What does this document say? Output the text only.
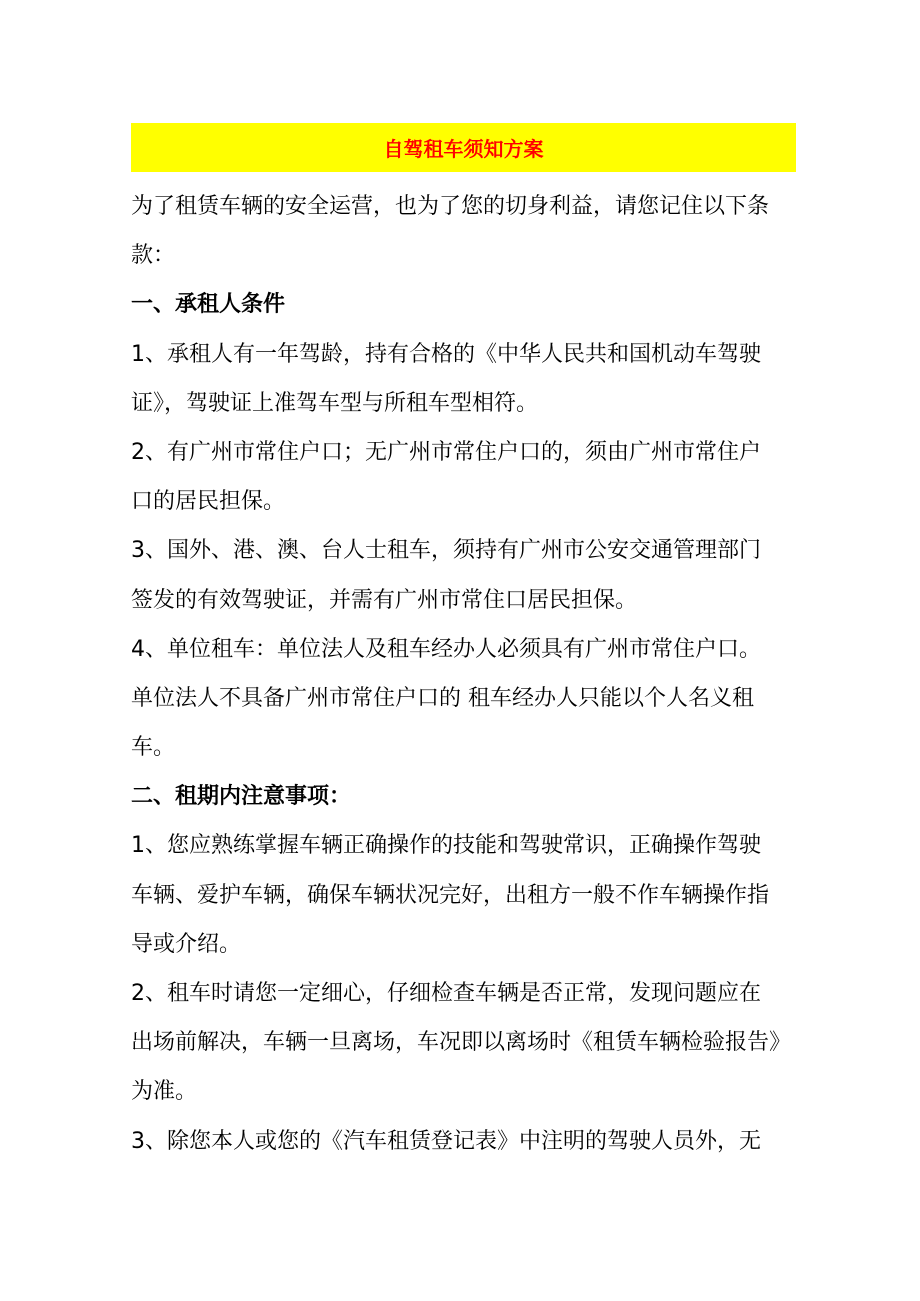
自驾租车须知方案
为了租赁车辆的安全运营，也为了您的切身利益，请您记住以下条
款：
一、承租人条件
1、承租人有一年驾龄，持有合格的《中华人民共和国机动车驾驶
证》，驾驶证上准驾车型与所租车型相符。
2、有广州市常住户口；无广州市常住户口的，须由广州市常住户
口的居民担保。
3、国外、港、澳、台人士租车，须持有广州市公安交通管理部门
签发的有效驾驶证，并需有广州市常住口居民担保。
4、单位租车：单位法人及租车经办人必须具有广州市常住户口。
单位法人不具备广州市常住户口的 租车经办人只能以个人名义租
车。
二、租期内注意事项：
1、您应熟练掌握车辆正确操作的技能和驾驶常识，正确操作驾驶
车辆、爱护车辆，确保车辆状况完好，出租方一般不作车辆操作指
导或介绍。
2、租车时请您一定细心，仔细检查车辆是否正常，发现问题应在
出场前解决，车辆一旦离场，车况即以离场时《租赁车辆检验报告》
为准。
3、除您本人或您的《汽车租赁登记表》中注明的驾驶人员外，无
